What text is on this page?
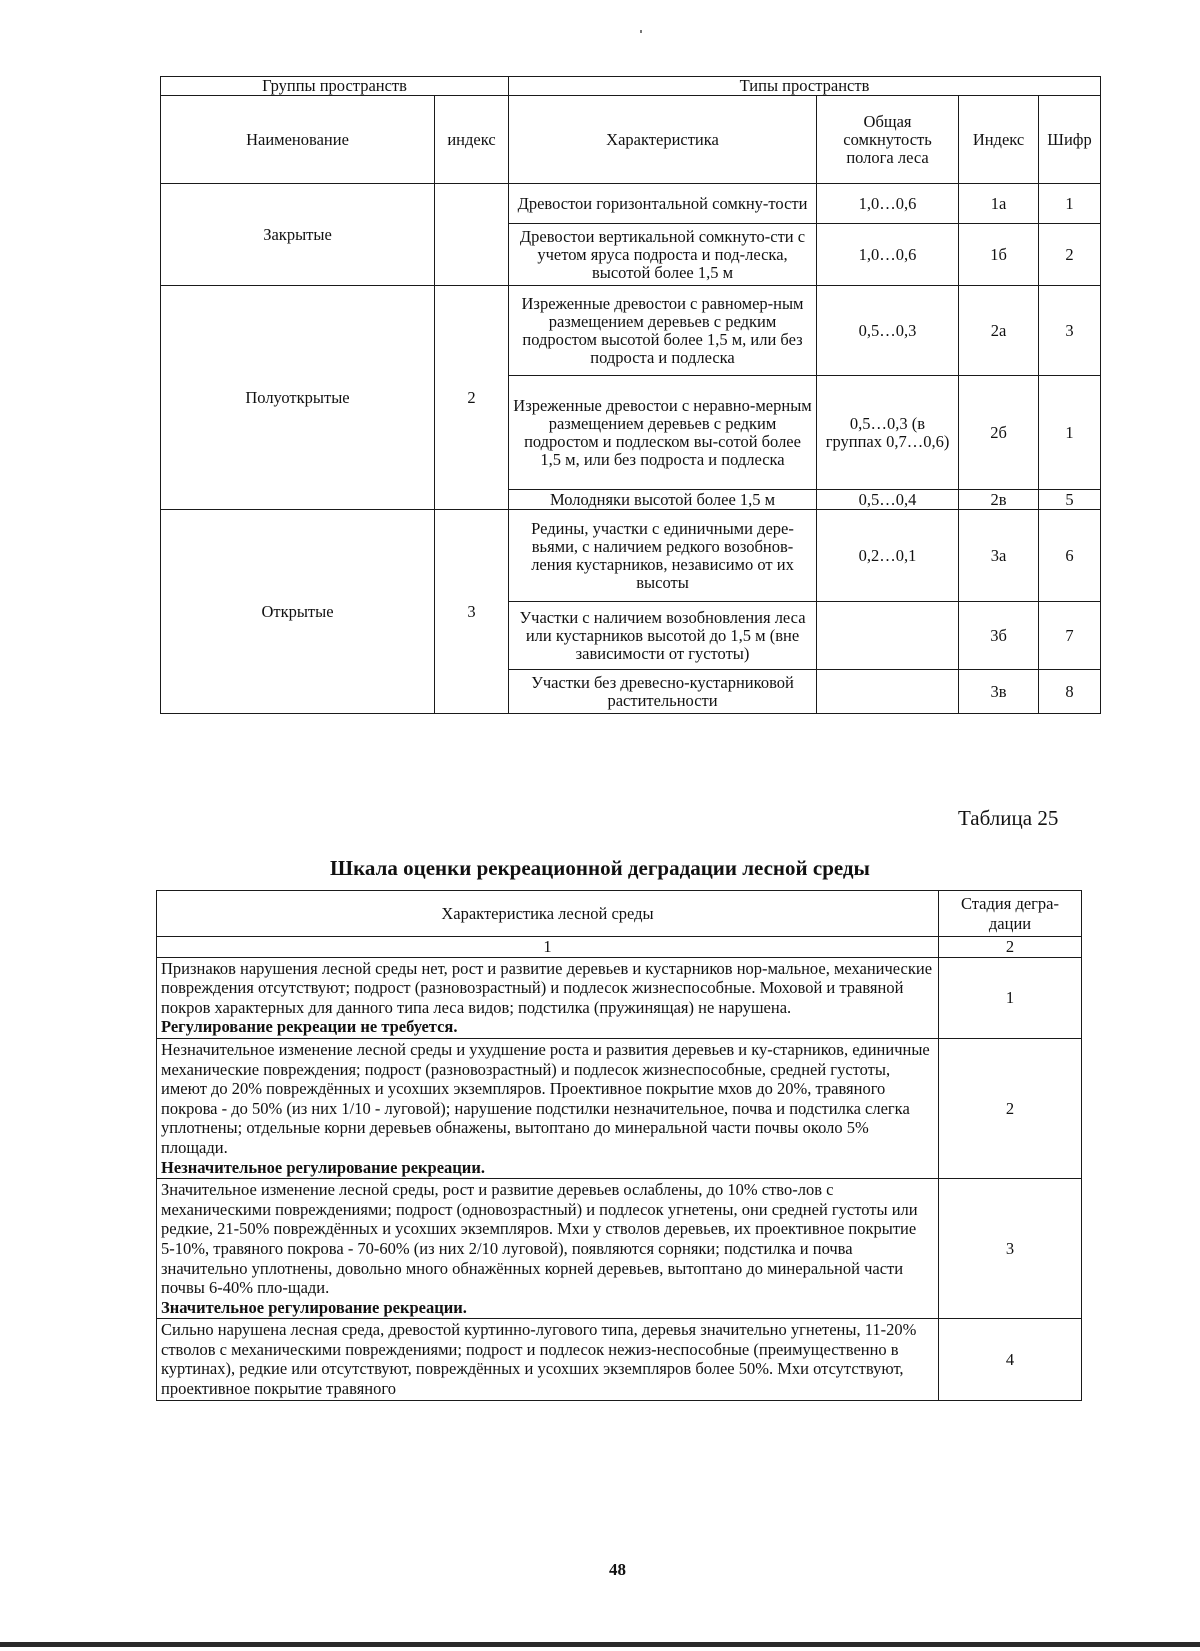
Группы пространств		Типы пространств			
Наименование	индекс	Характеристика	Общая сомкнутость полога леса	Индекс	Шифр
Закрытые		Древостои горизонтальной сомкну-тости	1,0…0,6	1а	1
		Древостои вертикальной сомкнуто-сти с учетом яруса подроста и под-леска, высотой более 1,5 м	1,0…0,6	1б	2
Полуоткрытые	2	Изреженные древостои с равномер-ным размещением деревьев с редким подростом высотой более 1,5 м, или без подроста и подлеска	0,5…0,3	2а	3
		Изреженные древостои с неравно-мерным размещением деревьев с редким подростом и подлеском вы-сотой более 1,5 м, или без подроста и подлеска	0,5…0,3 (в группах 0,7…0,6)	2б	1
		Молодняки высотой более 1,5 м	0,5…0,4	2в	5
Открытые	3	Редины, участки с единичными дере-вьями, с наличием редкого возобнов-ления кустарников, независимо от их высоты	0,2…0,1	3а	6
		Участки с наличием возобновления леса или кустарников высотой до 1,5 м (вне зависимости от густоты)		3б	7
		Участки без древесно-кустарниковой растительности		3в	8
Таблица 25
Шкала оценки рекреационной деградации лесной среды
Характеристика лесной среды	Стадия дегра-дации
1	2
Признаков нарушения лесной среды нет, рост и развитие деревьев и кустарников нор-мальное, механические повреждения отсутствуют; подрост (разновозрастный) и подлесок жизнеспособные. Моховой и травяной покров характерных для данного типа леса видов; подстилка (пружинящая) не нарушена.
Регулирование рекреации не требуется.	1
Незначительное изменение лесной среды и ухудшение роста и развития деревьев и ку-старников, единичные механические повреждения; подрост (разновозрастный) и подлесок жизнеспособные, средней густоты, имеют до 20% повреждённых и усохших экземпляров. Проективное покрытие мхов до 20%, травяного покрова - до 50% (из них 1/10 - луговой); нарушение подстилки незначительное, почва и подстилка слегка уплотнены; отдельные корни деревьев обнажены, вытоптано до минеральной части почвы около 5% площади.
Незначительное регулирование рекреации.	2
Значительное изменение лесной среды, рост и развитие деревьев ослаблены, до 10% ство-лов с механическими повреждениями; подрост (одновозрастный) и подлесок угнетены, они средней густоты или редкие, 21-50% повреждённых и усохших экземпляров. Мхи у стволов деревьев, их проективное покрытие 5-10%, травяного покрова - 70-60% (из них 2/10 луговой), появляются сорняки; подстилка и почва значительно уплотнены, довольно много обнажённых корней деревьев, вытоптано до минеральной части почвы 6-40% пло-щади.
Значительное регулирование рекреации.	3
Сильно нарушена лесная среда, древостой куртинно-лугового типа, деревья значительно угнетены, 11-20% стволов с механическими повреждениями; подрост и подлесок нежиз-неспособные (преимущественно в куртинах), редкие или отсутствуют, повреждённых и усохших экземпляров более 50%. Мхи отсутствуют, проективное покрытие травяного	4
48
